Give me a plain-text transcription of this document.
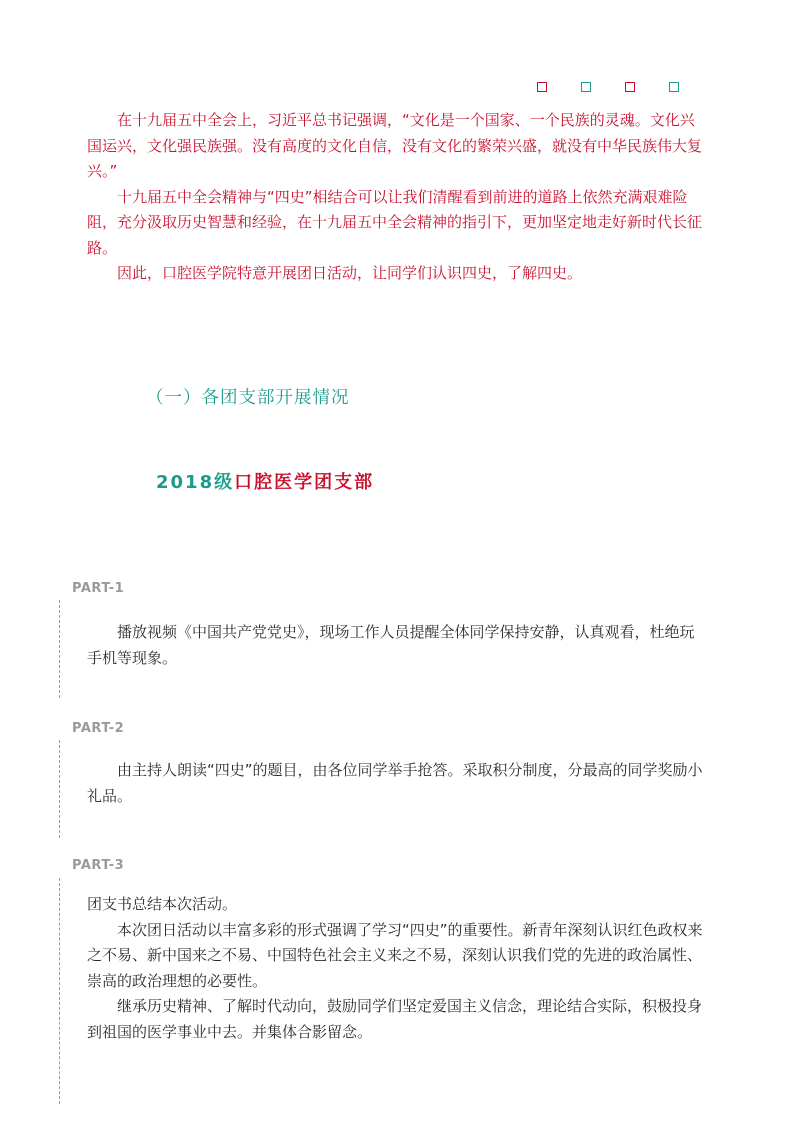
在十九届五中全会上，习近平总书记强调，“文化是一个国家、一个民族的灵魂。文化兴国运兴，文化强民族强。没有高度的文化自信，没有文化的繁荣兴盛，就没有中华民族伟大复兴。”

十九届五中全会精神与“四史”相结合可以让我们清醒看到前进的道路上依然充满艰难险阻，充分汲取历史智慧和经验，在十九届五中全会精神的指引下，更加坚定地走好新时代长征路。

因此，口腔医学院特意开展团日活动，让同学们认识四史，了解四史。

（一）各团支部开展情况
2018级口腔医学团支部
PART-1

播放视频《中国共产党党史》，现场工作人员提醒全体同学保持安静，认真观看，杜绝玩手机等现象。

PART-2

由主持人朗读“四史”的题目，由各位同学举手抢答。采取积分制度，分最高的同学奖励小礼品。

PART-3

团支书总结本次活动。

本次团日活动以丰富多彩的形式强调了学习“四史”的重要性。新青年深刻认识红色政权来之不易、新中国来之不易、中国特色社会主义来之不易，深刻认识我们党的先进的政治属性、崇高的政治理想的必要性。

继承历史精神、了解时代动向，鼓励同学们坚定爱国主义信念，理论结合实际，积极投身到祖国的医学事业中去。并集体合影留念。
